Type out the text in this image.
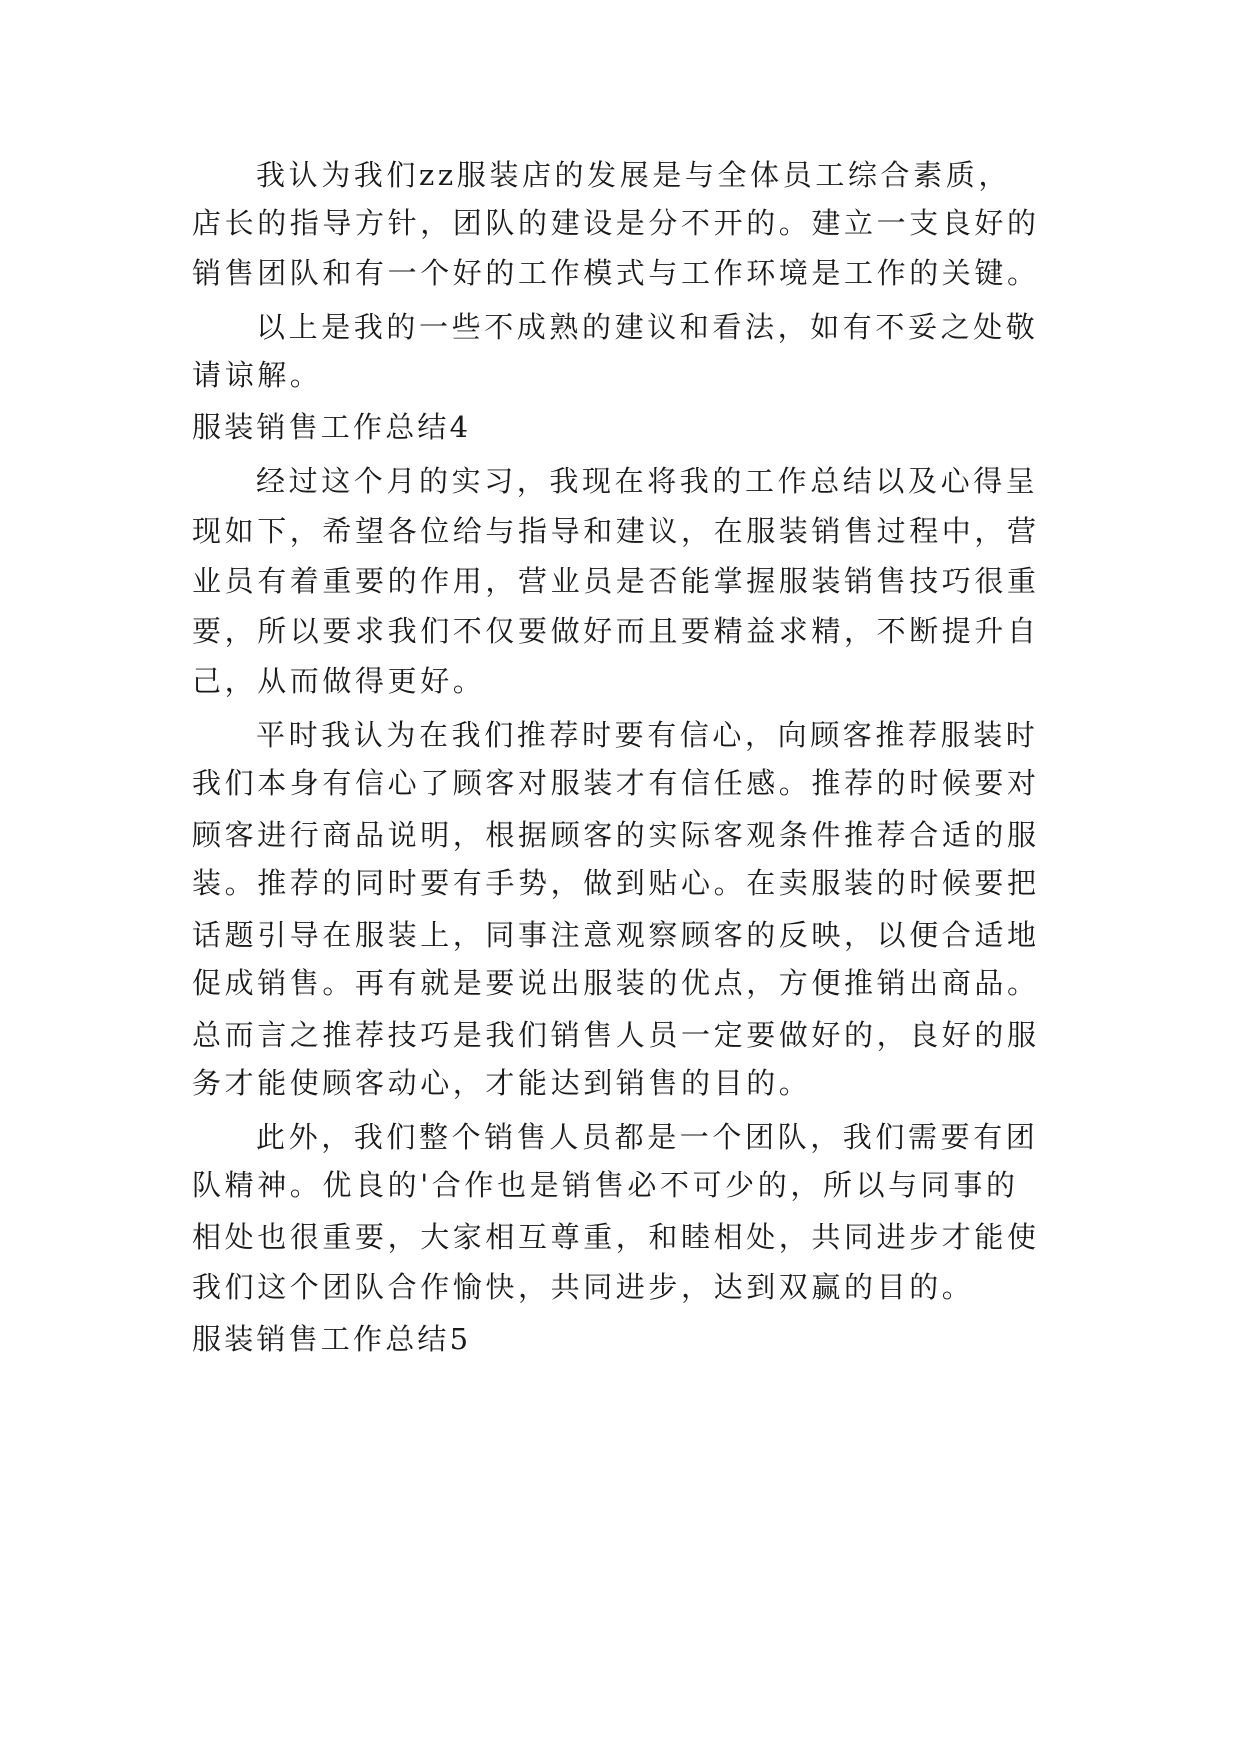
我认为我们zz服装店的发展是与全体员工综合素质，
店长的指导方针，团队的建设是分不开的。建立一支良好的
销售团队和有一个好的工作模式与工作环境是工作的关键。
以上是我的一些不成熟的建议和看法，如有不妥之处敬
请谅解。
服装销售工作总结4
经过这个月的实习，我现在将我的工作总结以及心得呈
现如下，希望各位给与指导和建议，在服装销售过程中，营
业员有着重要的作用，营业员是否能掌握服装销售技巧很重
要，所以要求我们不仅要做好而且要精益求精，不断提升自
己，从而做得更好。
平时我认为在我们推荐时要有信心，向顾客推荐服装时
我们本身有信心了顾客对服装才有信任感。推荐的时候要对
顾客进行商品说明，根据顾客的实际客观条件推荐合适的服
装。推荐的同时要有手势，做到贴心。在卖服装的时候要把
话题引导在服装上，同事注意观察顾客的反映，以便合适地
促成销售。再有就是要说出服装的优点，方便推销出商品。
总而言之推荐技巧是我们销售人员一定要做好的，良好的服
务才能使顾客动心，才能达到销售的目的。
此外，我们整个销售人员都是一个团队，我们需要有团
队精神。优良的'合作也是销售必不可少的，所以与同事的
相处也很重要，大家相互尊重，和睦相处，共同进步才能使
我们这个团队合作愉快，共同进步，达到双赢的目的。
服装销售工作总结5
